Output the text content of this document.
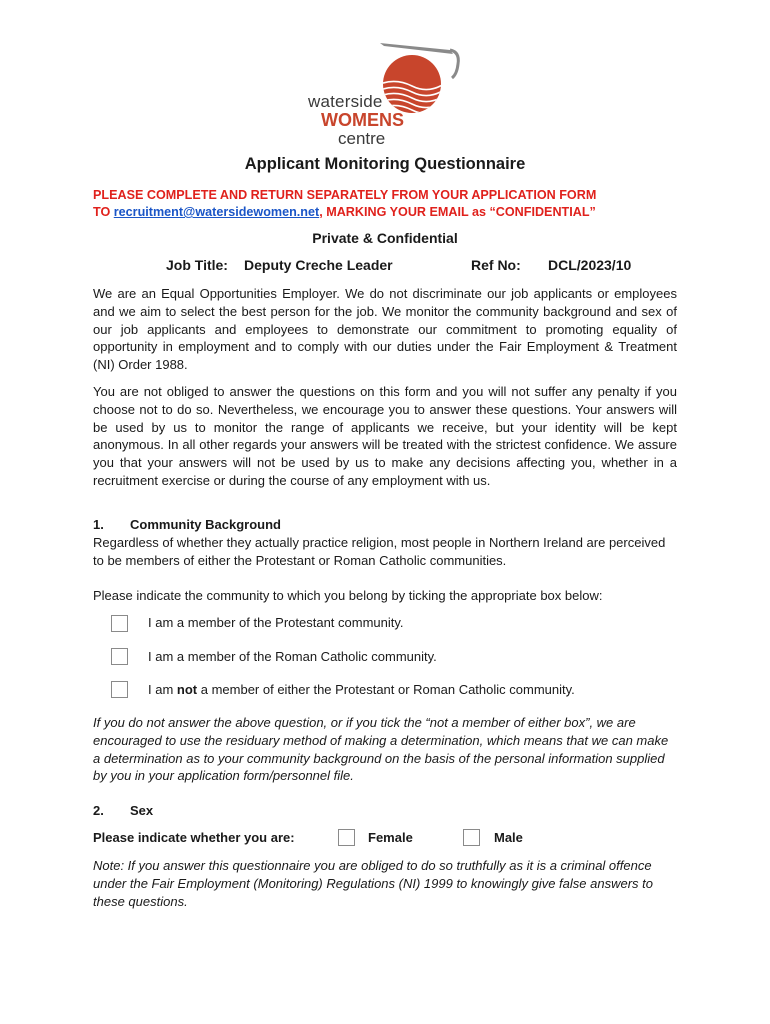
waterside
WOMENS
centre
Applicant Monitoring Questionnaire
PLEASE COMPLETE AND RETURN SEPARATELY FROM YOUR APPLICATION FORM
TO recruitment@watersidewomen.net, MARKING YOUR EMAIL as “CONFIDENTIAL”
Private & Confidential
Job Title: Deputy Creche Leader	Ref No: DCL/2023/10
We are an Equal Opportunities Employer. We do not discriminate our job applicants or employees and we aim to select the best person for the job. We monitor the community background and sex of our job applicants and employees to demonstrate our commitment to promoting equality of opportunity in employment and to comply with our duties under the Fair Employment & Treatment (NI) Order 1988.
You are not obliged to answer the questions on this form and you will not suffer any penalty if you choose not to do so. Nevertheless, we encourage you to answer these questions. Your answers will be used by us to monitor the range of applicants we receive, but your identity will be kept anonymous. In all other regards your answers will be treated with the strictest confidence. We assure you that your answers will not be used by us to make any decisions affecting you, whether in a recruitment exercise or during the course of any employment with us.
1. Community Background
Regardless of whether they actually practice religion, most people in Northern Ireland are perceived to be members of either the Protestant or Roman Catholic communities.
Please indicate the community to which you belong by ticking the appropriate box below:
I am a member of the Protestant community.
I am a member of the Roman Catholic community.
I am not a member of either the Protestant or Roman Catholic community.
If you do not answer the above question, or if you tick the “not a member of either box”, we are encouraged to use the residuary method of making a determination, which means that we can make a determination as to your community background on the basis of the personal information supplied by you in your application form/personnel file.
2. Sex
Please indicate whether you are:	Female	Male
Note: If you answer this questionnaire you are obliged to do so truthfully as it is a criminal offence under the Fair Employment (Monitoring) Regulations (NI) 1999 to knowingly give false answers to these questions.
